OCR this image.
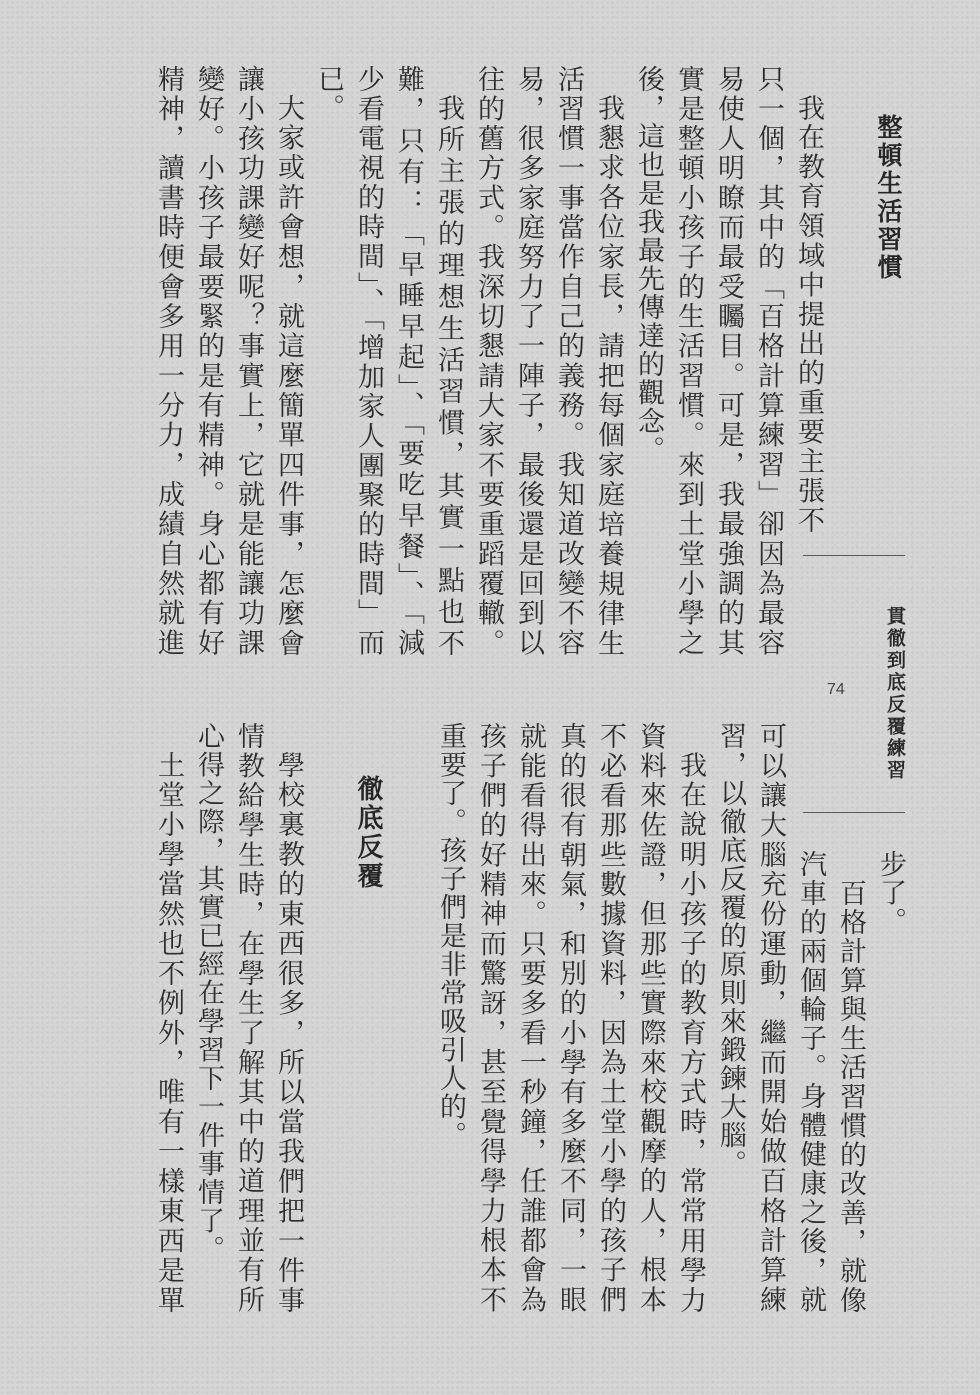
整頓生活習慣
貫徹到底反覆練習
74
我在教育領域中提出的重要主張不
只一個，其中的「百格計算練習」卻因為最容
易使人明瞭而最受矚目。可是，我最強調的其
實是整頓小孩子的生活習慣。來到土堂小學之
後，這也是我最先傳達的觀念。
我懇求各位家長，請把每個家庭培養規律生
活習慣一事當作自己的義務。我知道改變不容
易，很多家庭努力了一陣子，最後還是回到以
往的舊方式。我深切懇請大家不要重蹈覆轍。
我所主張的理想生活習慣，其實一點也不
難，只有：「早睡早起」、「要吃早餐」、「減
少看電視的時間」、「增加家人團聚的時間」而
已。
大家或許會想，就這麼簡單四件事，怎麼會
讓小孩功課變好呢？事實上，它就是能讓功課
變好。小孩子最要緊的是有精神。身心都有好
精神，讀書時便會多用一分力，成績自然就進
步了。
百格計算與生活習慣的改善，就像
汽車的兩個輪子。身體健康之後，就
可以讓大腦充份運動，繼而開始做百格計算練
習，以徹底反覆的原則來鍛鍊大腦。
我在說明小孩子的教育方式時，常常用學力
資料來佐證，但那些實際來校觀摩的人，根本
不必看那些數據資料，因為土堂小學的孩子們
真的很有朝氣，和別的小學有多麼不同，一眼
就能看得出來。只要多看一秒鐘，任誰都會為
孩子們的好精神而驚訝，甚至覺得學力根本不
重要了。孩子們是非常吸引人的。
徹底反覆
學校裏教的東西很多，所以當我們把一件事
情教給學生時，在學生了解其中的道理並有所
心得之際，其實已經在學習下一件事情了。
土堂小學當然也不例外，唯有一樣東西是單
